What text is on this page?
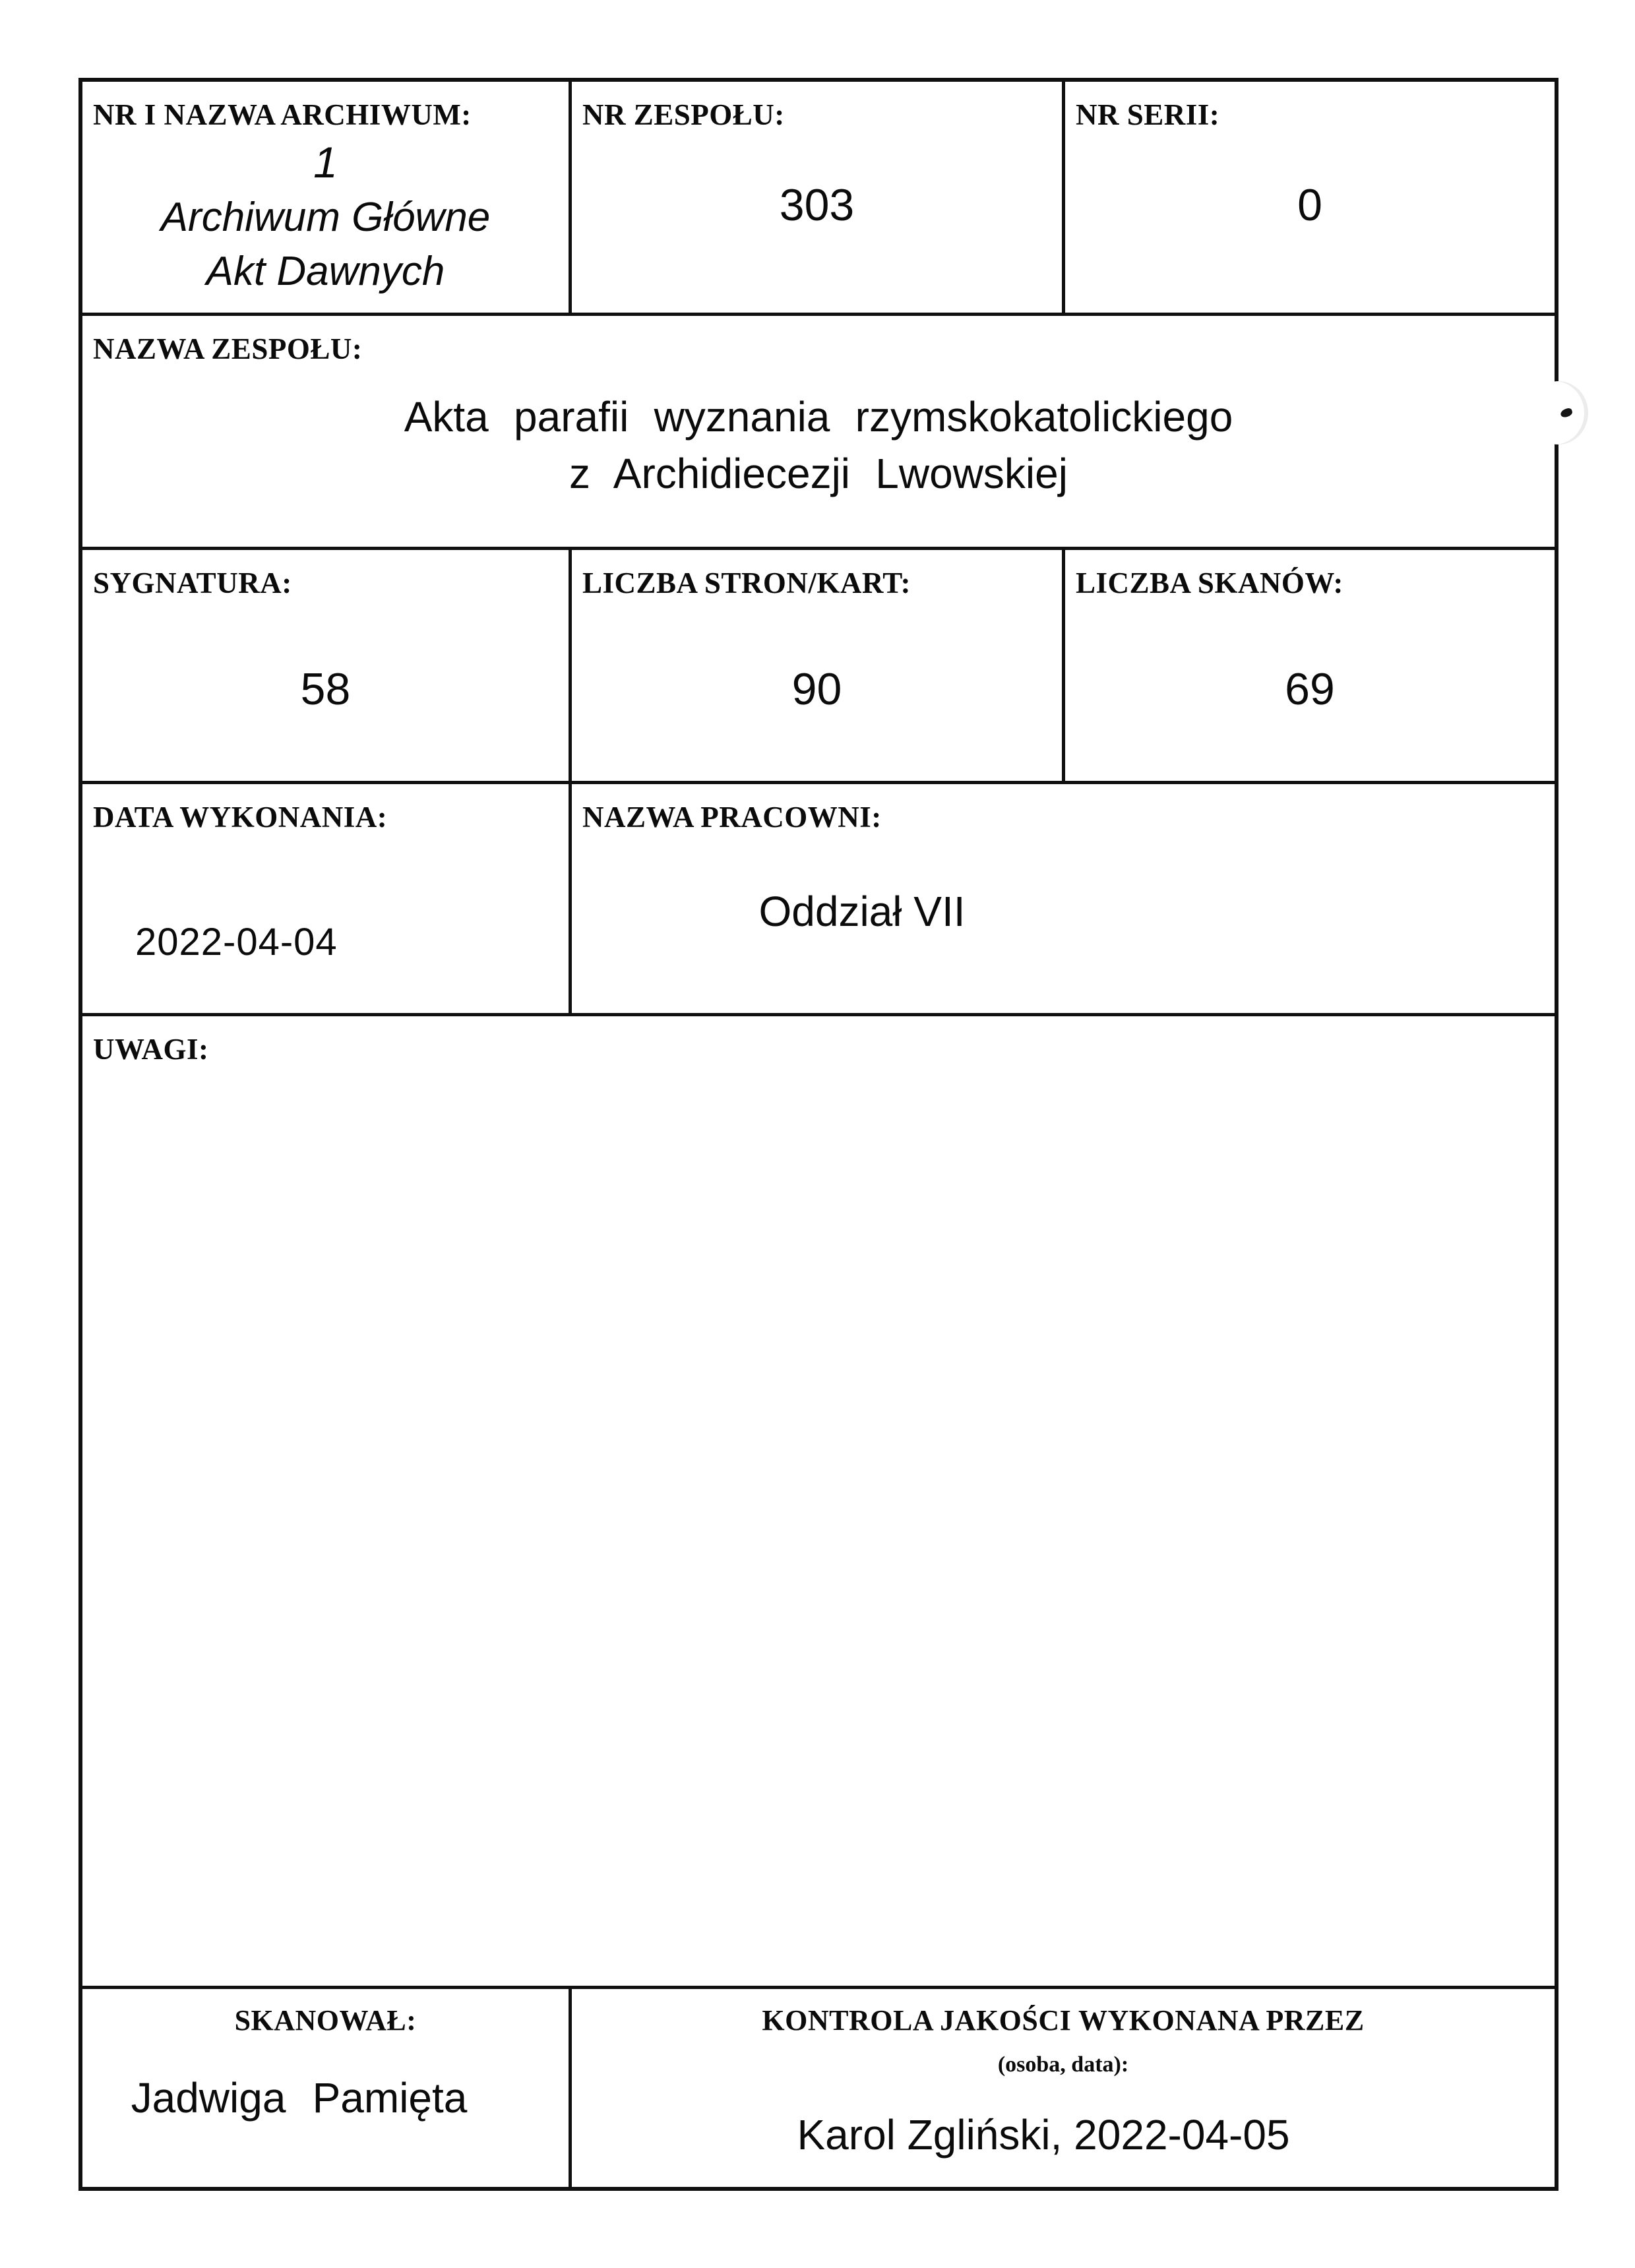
NR I NAZWA ARCHIWUM:
1
Archiwum Główne
Akt Dawnych
NR ZESPOŁU:
303
NR SERII:
0
NAZWA ZESPOŁU:
Akta parafii wyznania rzymskokatolickiego
z Archidiecezji Lwowskiej
SYGNATURA:
58
LICZBA STRON/KART:
90
LICZBA SKANÓW:
69
DATA WYKONANIA:
2022-04-04
NAZWA PRACOWNI:
Oddział VII
UWAGI:
SKANOWAŁ:
Jadwiga Pamięta
KONTROLA JAKOŚCI WYKONANA PRZEZ
(osoba, data):
Karol Zgliński, 2022-04-05
